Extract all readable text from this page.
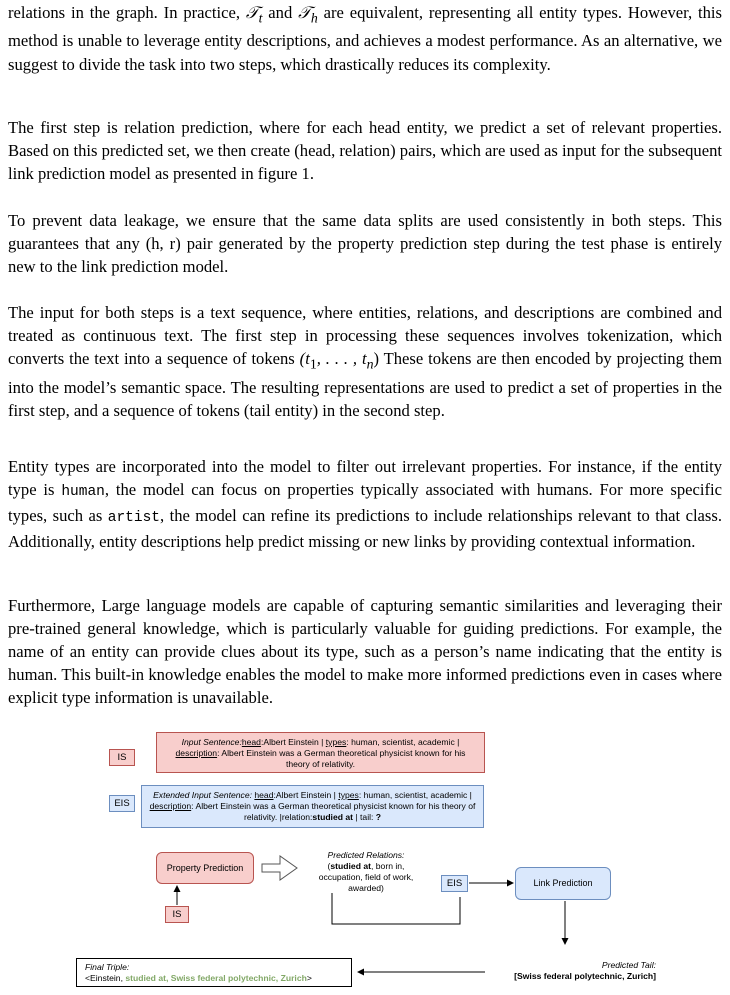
relations in the graph. In practice, 𝒯$_t$ and 𝒯$_h$ are equivalent, representing all entity types. However, this method is unable to leverage entity descriptions, and achieves a modest performance. As an alternative, we suggest to divide the task into two steps, which drastically reduces its complexity.

The first step is relation prediction, where for each head entity, we predict a set of relevant properties. Based on this predicted set, we then create (head, relation) pairs, which are used as input for the subsequent link prediction model as presented in figure 1.

To prevent data leakage, we ensure that the same data splits are used consistently in both steps. This guarantees that any (h, r) pair generated by the property prediction step during the test phase is entirely new to the link prediction model.

The input for both steps is a text sequence, where entities, relations, and descriptions are combined and treated as continuous text. The first step in processing these sequences involves tokenization, which converts the text into a sequence of tokens ($t_1$, . . . , $t_n$) These tokens are then encoded by projecting them into the model’s semantic space. The resulting representations are used to predict a set of properties in the first step, and a sequence of tokens (tail entity) in the second step.

Entity types are incorporated into the model to filter out irrelevant properties. For instance, if the entity type is human, the model can focus on properties typically associated with humans. For more specific types, such as artist, the model can refine its predictions to include relationships relevant to that class. Additionally, entity descriptions help predict missing or new links by providing contextual information.

Furthermore, Large language models are capable of capturing semantic similarities and leveraging their pre-trained general knowledge, which is particularly valuable for guiding predictions. For example, the name of an entity can provide clues about its type, such as a person’s name indicating that the entity is human. This built-in knowledge enables the model to make more informed predictions even in cases where explicit type information is unavailable.

IS
Input Sentence:head:Albert Einstein | types: human, scientist, academic | description: Albert Einstein was a German theoretical physicist known for his theory of relativity.
EIS
Extended Input Sentence: head:Albert Einstein | types: human, scientist, academic | description: Albert Einstein was a German theoretical physicist known for his theory of relativity. |relation:studied at | tail: ?
Property Prediction
IS
Predicted Relations:
(studied at, born in, occupation, field of work, awarded)	EIS	Link Prediction
Final Triple:
<Einstein, studied at, Swiss federal polytechnic, Zurich>
Predicted Tail:
[Swiss federal polytechnic, Zurich]
